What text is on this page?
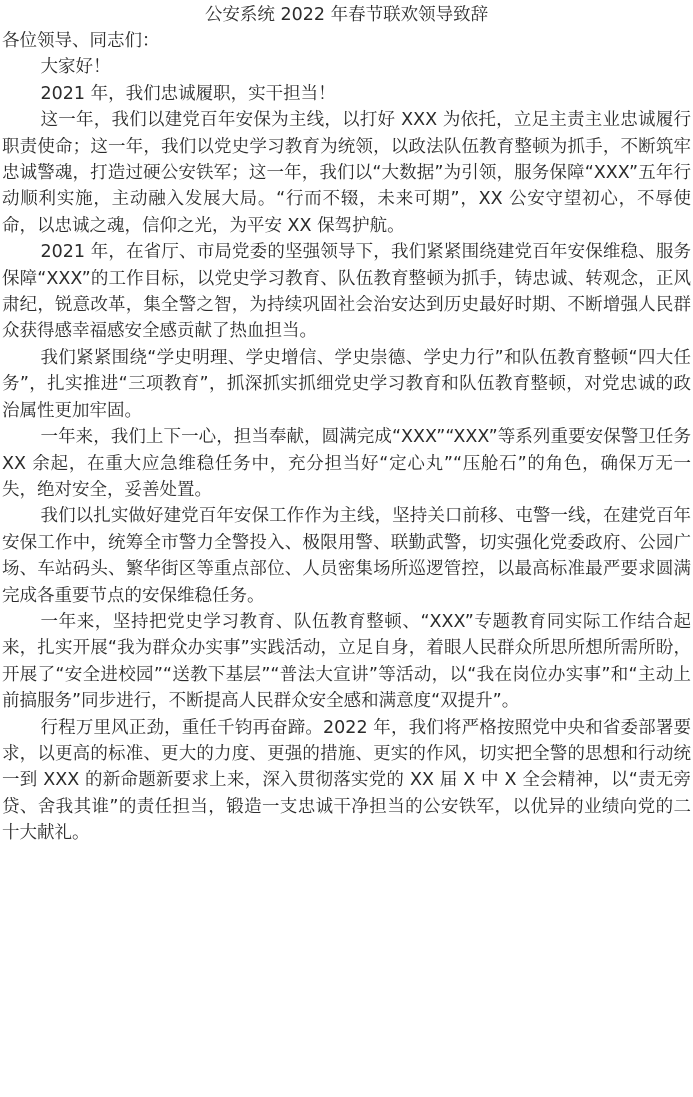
公安系统 2022 年春节联欢领导致辞

各位领导、同志们：

大家好！

2021 年，我们忠诚履职，实干担当！

这一年，我们以建党百年安保为主线，以打好 XXX 为依托，立足主责主业忠诚履行职责使命；这一年，我们以党史学习教育为统领，以政法队伍教育整顿为抓手，不断筑牢忠诚警魂，打造过硬公安铁军；这一年，我们以“大数据”为引领，服务保障“XXX”五年行动顺利实施，主动融入发展大局。“行而不辍，未来可期”，XX 公安守望初心，不辱使命，以忠诚之魂，信仰之光，为平安 XX 保驾护航。

2021 年，在省厅、市局党委的坚强领导下，我们紧紧围绕建党百年安保维稳、服务保障“XXX”的工作目标，以党史学习教育、队伍教育整顿为抓手，铸忠诚、转观念，正风肃纪，锐意改革，集全警之智，为持续巩固社会治安达到历史最好时期、不断增强人民群众获得感幸福感安全感贡献了热血担当。

我们紧紧围绕“学史明理、学史增信、学史崇德、学史力行”和队伍教育整顿“四大任务”，扎实推进“三项教育”，抓深抓实抓细党史学习教育和队伍教育整顿，对党忠诚的政治属性更加牢固。

一年来，我们上下一心，担当奉献，圆满完成“XXX”“XXX”等系列重要安保警卫任务 XX 余起，在重大应急维稳任务中，充分担当好“定心丸”“压舱石”的角色，确保万无一失，绝对安全，妥善处置。

我们以扎实做好建党百年安保工作作为主线，坚持关口前移、屯警一线，在建党百年安保工作中，统筹全市警力全警投入、极限用警、联勤武警，切实强化党委政府、公园广场、车站码头、繁华街区等重点部位、人员密集场所巡逻管控，以最高标准最严要求圆满完成各重要节点的安保维稳任务。

一年来，坚持把党史学习教育、队伍教育整顿、“XXX”专题教育同实际工作结合起来，扎实开展“我为群众办实事”实践活动，立足自身，着眼人民群众所思所想所需所盼，开展了“安全进校园”“送教下基层”“普法大宣讲”等活动，以“我在岗位办实事”和“主动上前搞服务”同步进行，不断提高人民群众安全感和满意度“双提升”。

行程万里风正劲，重任千钧再奋蹄。2022 年，我们将严格按照党中央和省委部署要求，以更高的标准、更大的力度、更强的措施、更实的作风，切实把全警的思想和行动统一到 XXX 的新命题新要求上来，深入贯彻落实党的 XX 届 X 中 X 全会精神，以“责无旁贷、舍我其谁”的责任担当，锻造一支忠诚干净担当的公安铁军，以优异的业绩向党的二十大献礼。
